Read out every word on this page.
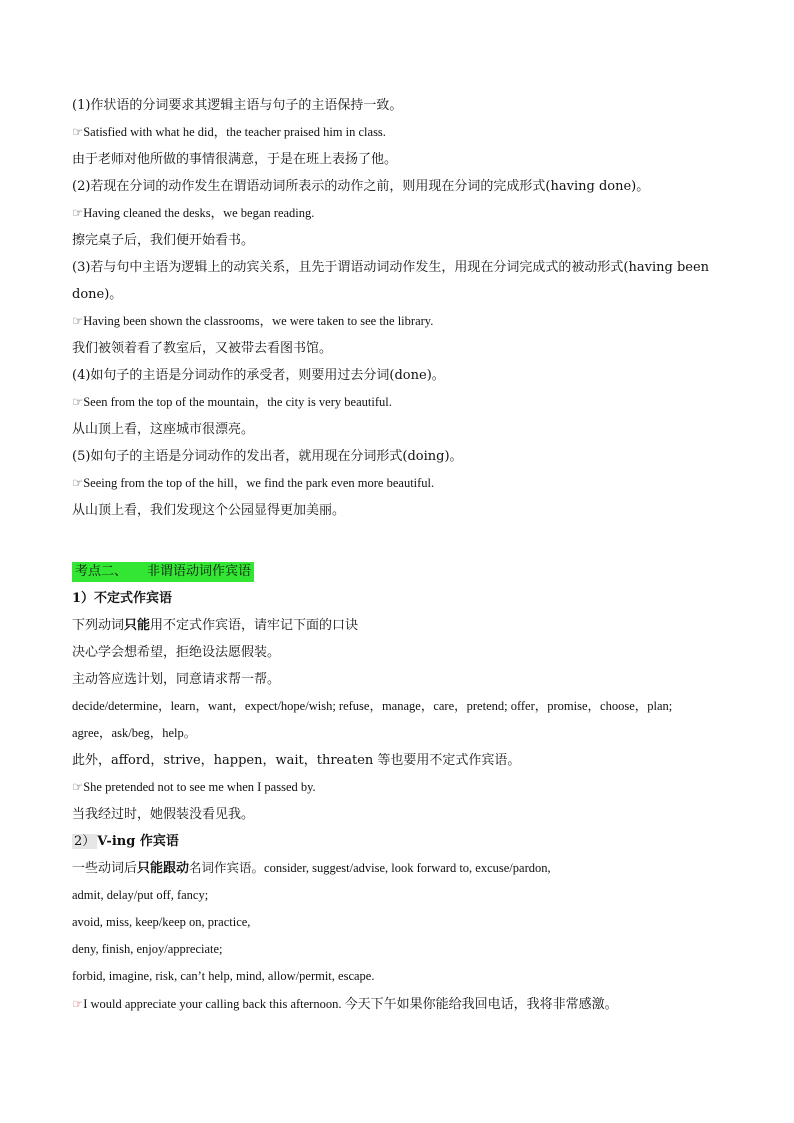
(1)作状语的分词要求其逻辑主语与句子的主语保持一致。
☞Satisfied with what he did，the teacher praised him in class.
由于老师对他所做的事情很满意，于是在班上表扬了他。
(2)若现在分词的动作发生在谓语动词所表示的动作之前，则用现在分词的完成形式(having done)。
☞Having cleaned the desks，we began reading.
擦完桌子后，我们便开始看书。
(3)若与句中主语为逻辑上的动宾关系，且先于谓语动词动作发生，用现在分词完成式的被动形式(having been done)。
☞Having been shown the classrooms，we were taken to see the library.
我们被领着看了教室后，又被带去看图书馆。
(4)如句子的主语是分词动作的承受者，则要用过去分词(done)。
☞Seen from the top of the mountain，the city is very beautiful.
从山顶上看，这座城市很漂亮。
(5)如句子的主语是分词动作的发出者，就用现在分词形式(doing)。
☞Seeing from the top of the hill，we find the park even more beautiful.
从山顶上看，我们发现这个公园显得更加美丽。
考点二、 非谓语动词作宾语
1）不定式作宾语
下列动词只能用不定式作宾语，请牢记下面的口诀
决心学会想希望，拒绝设法愿假装。
主动答应选计划，同意请求帮一帮。
decide/determine，learn，want，expect/hope/wish; refuse，manage，care，pretend; offer，promise，choose，plan;
agree，ask/beg，help。
此外，afford，strive，happen，wait，threaten 等也要用不定式作宾语。
☞She pretended not to see me when I passed by.
当我经过时，她假装没看见我。
2） V-ing 作宾语
一些动词后只能跟动名词作宾语。consider, suggest/advise, look forward to, excuse/pardon,
admit, delay/put off, fancy;
avoid, miss, keep/keep on, practice,
deny, finish, enjoy/appreciate;
forbid, imagine, risk, can’t help, mind, allow/permit, escape.
☞I would appreciate your calling back this afternoon. 今天下午如果你能给我回电话，我将非常感激。
